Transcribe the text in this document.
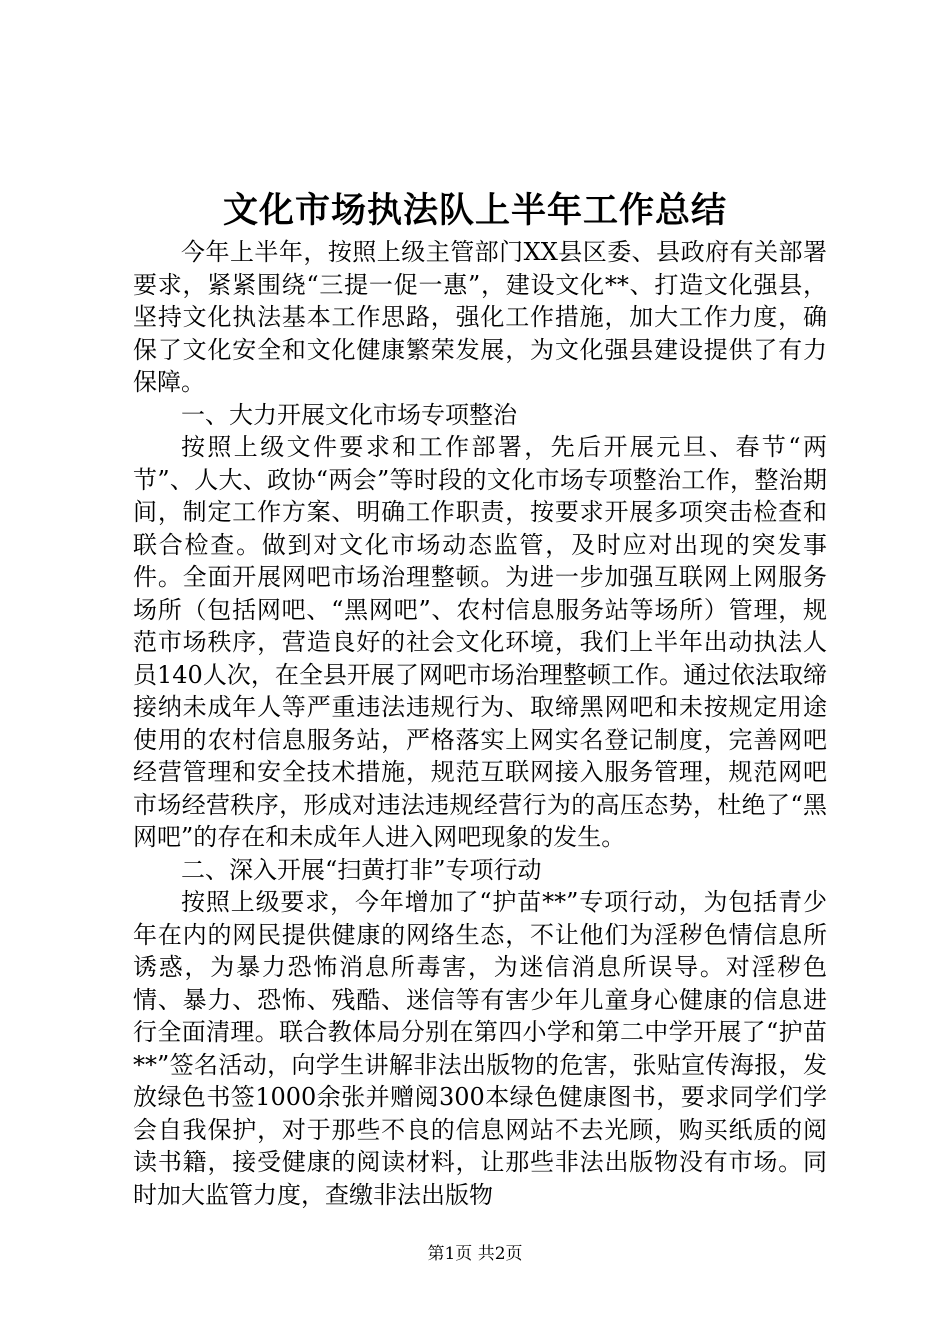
文化市场执法队上半年工作总结

今年上半年，按照上级主管部门XX县区委、县政府有关部署要求，紧紧围绕“三提一促一惠”，建设文化**、打造文化强县，坚持文化执法基本工作思路，强化工作措施，加大工作力度，确保了文化安全和文化健康繁荣发展，为文化强县建设提供了有力保障。

一、大力开展文化市场专项整治

按照上级文件要求和工作部署，先后开展元旦、春节“两节”、人大、政协“两会”等时段的文化市场专项整治工作，整治期间，制定工作方案、明确工作职责，按要求开展多项突击检查和联合检查。做到对文化市场动态监管，及时应对出现的突发事件。全面开展网吧市场治理整顿。为进一步加强互联网上网服务场所（包括网吧、“黑网吧”、农村信息服务站等场所）管理，规范市场秩序，营造良好的社会文化环境，我们上半年出动执法人员140人次，在全县开展了网吧市场治理整顿工作。通过依法取缔接纳未成年人等严重违法违规行为、取缔黑网吧和未按规定用途使用的农村信息服务站，严格落实上网实名登记制度，完善网吧经营管理和安全技术措施，规范互联网接入服务管理，规范网吧市场经营秩序，形成对违法违规经营行为的高压态势，杜绝了“黑网吧”的存在和未成年人进入网吧现象的发生。

二、深入开展“扫黄打非”专项行动

按照上级要求，今年增加了“护苗**”专项行动，为包括青少年在内的网民提供健康的网络生态，不让他们为淫秽色情信息所诱惑，为暴力恐怖消息所毒害，为迷信消息所误导。对淫秽色情、暴力、恐怖、残酷、迷信等有害少年儿童身心健康的信息进行全面清理。联合教体局分别在第四小学和第二中学开展了“护苗**”签名活动，向学生讲解非法出版物的危害，张贴宣传海报，发放绿色书签1000余张并赠阅300本绿色健康图书，要求同学们学会自我保护，对于那些不良的信息网站不去光顾，购买纸质的阅读书籍，接受健康的阅读材料，让那些非法出版物没有市场。同时加大监管力度，查缴非法出版物

第1页 共2页
